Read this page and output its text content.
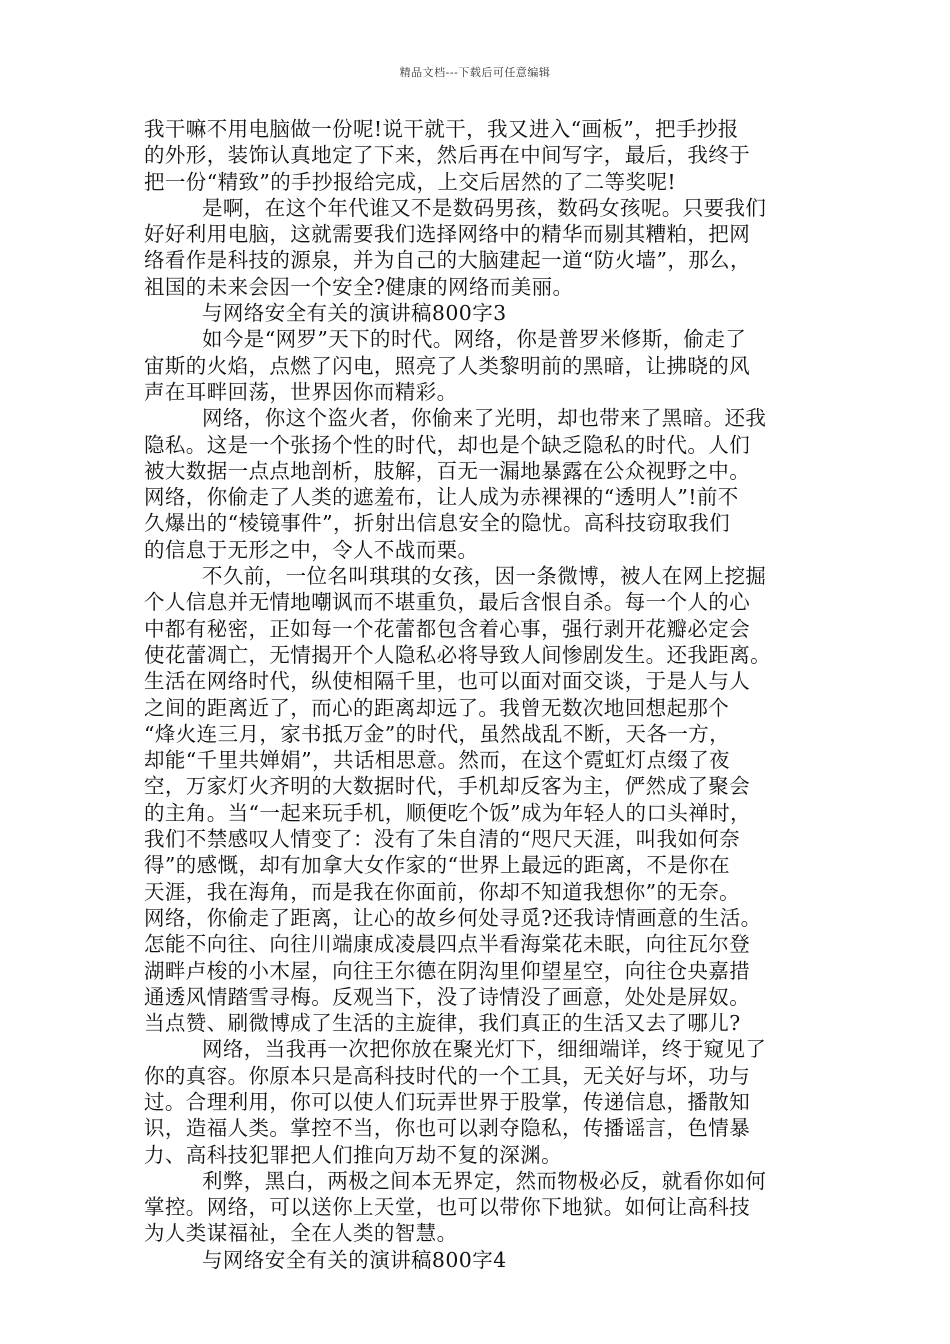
精品文档---下载后可任意编辑
我干嘛不用电脑做一份呢!说干就干，我又进入“画板”，把手抄报
的外形，装饰认真地定了下来，然后再在中间写字，最后，我终于
把一份“精致”的手抄报给完成，上交后居然的了二等奖呢!
是啊，在这个年代谁又不是数码男孩，数码女孩呢。只要我们
好好利用电脑，这就需要我们选择网络中的精华而剔其糟粕，把网
络看作是科技的源泉，并为自己的大脑建起一道“防火墙”，那么，
祖国的未来会因一个安全?健康的网络而美丽。
与网络安全有关的演讲稿800字3
如今是“网罗”天下的时代。网络，你是普罗米修斯，偷走了
宙斯的火焰，点燃了闪电，照亮了人类黎明前的黑暗，让拂晓的风
声在耳畔回荡，世界因你而精彩。
网络，你这个盗火者，你偷来了光明，却也带来了黑暗。还我
隐私。这是一个张扬个性的时代，却也是个缺乏隐私的时代。人们
被大数据一点点地剖析，肢解，百无一漏地暴露在公众视野之中。
网络，你偷走了人类的遮羞布，让人成为赤裸裸的“透明人”!前不
久爆出的“棱镜事件”，折射出信息安全的隐忧。高科技窃取我们
的信息于无形之中，令人不战而栗。
不久前，一位名叫琪琪的女孩，因一条微博，被人在网上挖掘
个人信息并无情地嘲讽而不堪重负，最后含恨自杀。每一个人的心
中都有秘密，正如每一个花蕾都包含着心事，强行剥开花瓣必定会
使花蕾凋亡，无情揭开个人隐私必将导致人间惨剧发生。还我距离。
生活在网络时代，纵使相隔千里，也可以面对面交谈，于是人与人
之间的距离近了，而心的距离却远了。我曾无数次地回想起那个
“烽火连三月，家书抵万金”的时代，虽然战乱不断，天各一方，
却能“千里共婵娟”，共话相思意。然而，在这个霓虹灯点缀了夜
空，万家灯火齐明的大数据时代，手机却反客为主，俨然成了聚会
的主角。当“一起来玩手机，顺便吃个饭”成为年轻人的口头禅时，
我们不禁感叹人情变了：没有了朱自清的“咫尺天涯，叫我如何奈
得”的感慨，却有加拿大女作家的“世界上最远的距离，不是你在
天涯，我在海角，而是我在你面前，你却不知道我想你”的无奈。
网络，你偷走了距离，让心的故乡何处寻觅?还我诗情画意的生活。
怎能不向往、向往川端康成凌晨四点半看海棠花未眠，向往瓦尔登
湖畔卢梭的小木屋，向往王尔德在阴沟里仰望星空，向往仓央嘉措
通透风情踏雪寻梅。反观当下，没了诗情没了画意，处处是屏奴。
当点赞、刷微博成了生活的主旋律，我们真正的生活又去了哪儿?
网络，当我再一次把你放在聚光灯下，细细端详，终于窥见了
你的真容。你原本只是高科技时代的一个工具，无关好与坏，功与
过。合理利用，你可以使人们玩弄世界于股掌，传递信息，播散知
识，造福人类。掌控不当，你也可以剥夺隐私，传播谣言，色情暴
力、高科技犯罪把人们推向万劫不复的深渊。
利弊，黑白，两极之间本无界定，然而物极必反，就看你如何
掌控。网络，可以送你上天堂，也可以带你下地狱。如何让高科技
为人类谋福祉，全在人类的智慧。
与网络安全有关的演讲稿800字4
